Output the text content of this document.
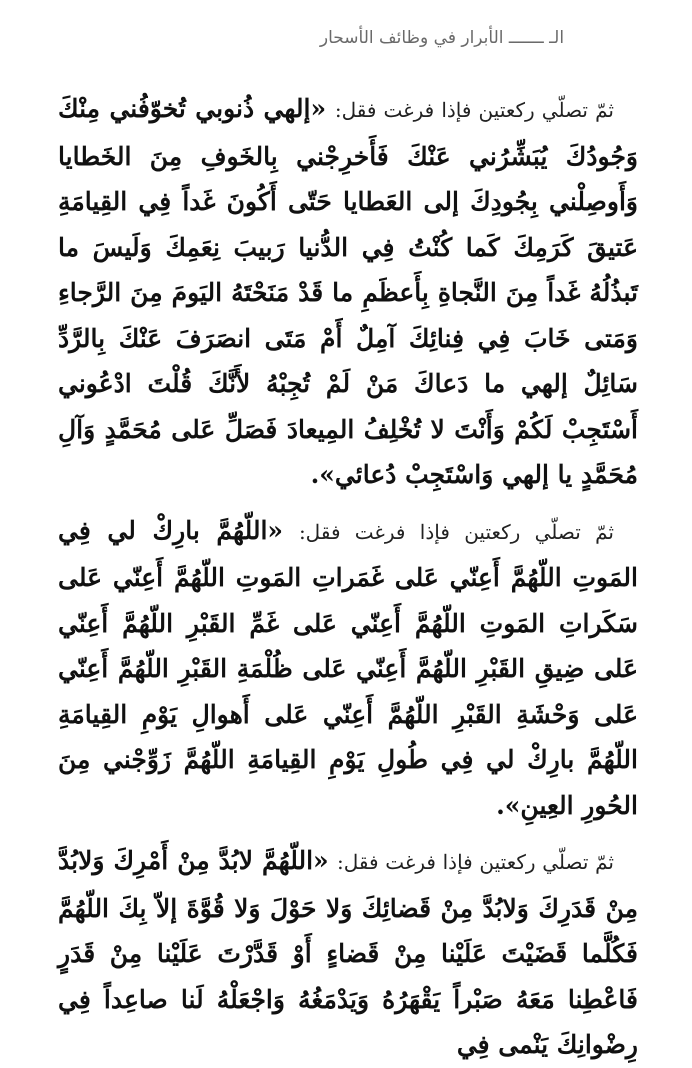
الـ ـــــــ الأبرار في وظائف الأسحار

ثمّ تصلّي ركعتين فإذا فرغت فقل: «إلهي ذُنوبي تُخوّفُني مِنْكَ وَجُودُكَ يُبَشِّرُني عَنْكَ فَأَخرِجْني بِالخَوفِ مِنَ الخَطايا وَأَوصِلْني بِجُودِكَ إلى العَطايا حَتّى أَكُونَ غَداً فِي القِيامَةِ عَتيقَ كَرَمِكَ كَما كُنْتُ فِي الدُّنيا رَبيبَ نِعَمِكَ وَلَيسَ ما تَبذُلُهُ غَداً مِنَ النَّجاةِ بِأَعظَمِ ما قَدْ مَنَحْتَهُ اليَومَ مِنَ الرَّجاءِ وَمَتى خَابَ فِي فِنائِكَ آمِلٌ أَمْ مَتَى انصَرَفَ عَنْكَ بِالرَّدِّ سَائِلٌ إلهي ما دَعاكَ مَنْ لَمْ تُجِبْهُ لأَنَّكَ قُلْتَ ادْعُوني أَسْتَجِبْ لَكُمْ وَأَنْتَ لا تُخْلِفُ المِيعادَ فَصَلِّ عَلى مُحَمَّدٍ وَآلِ مُحَمَّدٍ يا إلهي وَاسْتَجِبْ دُعائي».

ثمّ تصلّي ركعتين فإذا فرغت فقل: «اللّهُمَّ بارِكْ لي فِي المَوتِ اللّهُمَّ أَعِنّي عَلى غَمَراتِ المَوتِ اللّهُمَّ أَعِنّي عَلى سَكَراتِ المَوتِ اللّهُمَّ أَعِنّي عَلى غَمِّ القَبْرِ اللّهُمَّ أَعِنّي عَلى ضِيقِ القَبْرِ اللّهُمَّ أَعِنّي عَلى ظُلْمَةِ القَبْرِ اللّهُمَّ أَعِنّي عَلى وَحْشَةِ القَبْرِ اللّهُمَّ أَعِنّي عَلى أَهوالِ يَوْمِ القِيامَةِ اللّهُمَّ بارِكْ لي فِي طُولِ يَوْمِ القِيامَةِ اللّهُمَّ زَوِّجْني مِنَ الحُورِ العِينِ».

ثمّ تصلّي ركعتين فإذا فرغت فقل: «اللّهُمَّ لابُدَّ مِنْ أَمْرِكَ وَلابُدَّ مِنْ قَدَرِكَ وَلابُدَّ مِنْ قَضائِكَ وَلا حَوْلَ وَلا قُوَّةَ إلاّ بِكَ اللّهُمَّ فَكُلَّما قَضَيْتَ عَلَيْنا مِنْ قَضاءٍ أَوْ قَدَّرْتَ عَلَيْنا مِنْ قَدَرٍ فَاعْطِنا مَعَهُ صَبْراً يَقْهَرُهُ وَيَدْمَغُهُ وَاجْعَلْهُ لَنا صاعِداً فِي رِضْوانِكَ يَنْمى فِي
